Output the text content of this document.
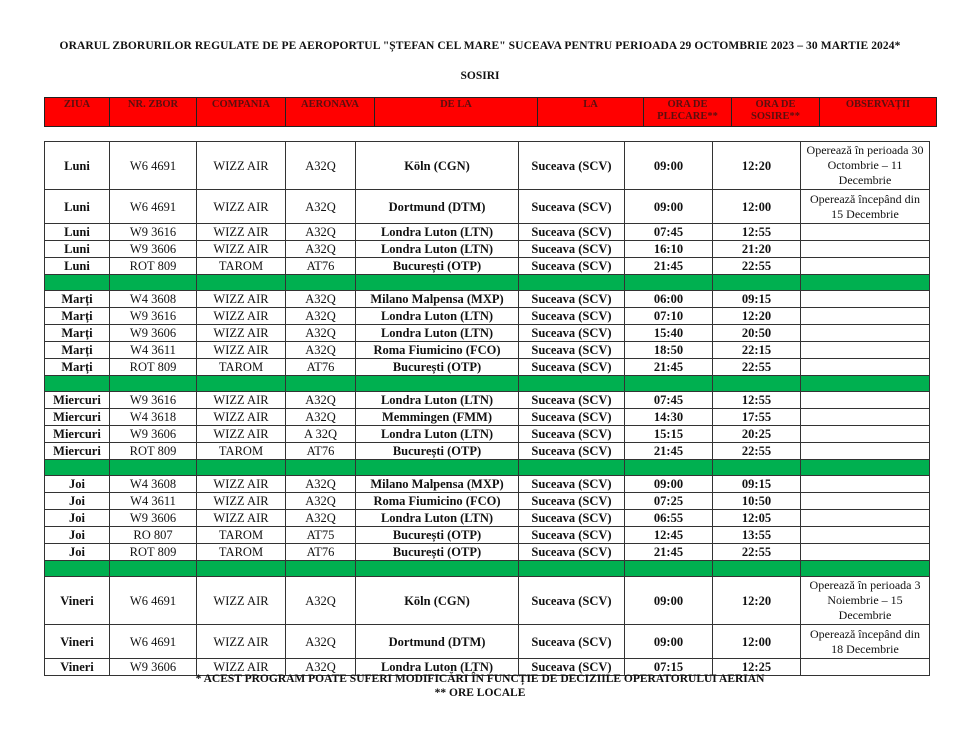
ORARUL ZBORURILOR REGULATE DE PE AEROPORTUL "ȘTEFAN CEL MARE" SUCEAVA PENTRU PERIOADA 29 OCTOMBRIE 2023 – 30 MARTIE 2024*
SOSIRI
ZIUA	NR. ZBOR	COMPANIA	AERONAVA	DE LA	LA	ORA DE PLECARE**	ORA DE SOSIRE**	OBSERVAȚII
Luni	W6 4691	WIZZ AIR	A32Q	Köln (CGN)	Suceava (SCV)	09:00	12:20	Operează în perioada 30 Octombrie – 11 Decembrie
Luni	W6 4691	WIZZ AIR	A32Q	Dortmund (DTM)	Suceava (SCV)	09:00	12:00	Operează începând din 15 Decembrie
Luni	W9 3616	WIZZ AIR	A32Q	Londra Luton (LTN)	Suceava (SCV)	07:45	12:55	
Luni	W9 3606	WIZZ AIR	A32Q	Londra Luton (LTN)	Suceava (SCV)	16:10	21:20	
Luni	ROT 809	TAROM	AT76	București (OTP)	Suceava (SCV)	21:45	22:55	

Marți	W4 3608	WIZZ AIR	A32Q	Milano Malpensa (MXP)	Suceava (SCV)	06:00	09:15	
Marți	W9 3616	WIZZ AIR	A32Q	Londra Luton (LTN)	Suceava (SCV)	07:10	12:20	
Marți	W9 3606	WIZZ AIR	A32Q	Londra Luton (LTN)	Suceava (SCV)	15:40	20:50	
Marți	W4 3611	WIZZ AIR	A32Q	Roma Fiumicino (FCO)	Suceava (SCV)	18:50	22:15	
Marți	ROT 809	TAROM	AT76	București (OTP)	Suceava (SCV)	21:45	22:55	

Miercuri	W9 3616	WIZZ AIR	A32Q	Londra Luton (LTN)	Suceava (SCV)	07:45	12:55	
Miercuri	W4 3618	WIZZ AIR	A32Q	Memmingen (FMM)	Suceava (SCV)	14:30	17:55	
Miercuri	W9 3606	WIZZ AIR	A 32Q	Londra Luton (LTN)	Suceava (SCV)	15:15	20:25	
Miercuri	ROT 809	TAROM	AT76	București (OTP)	Suceava (SCV)	21:45	22:55	

Joi	W4 3608	WIZZ AIR	A32Q	Milano Malpensa (MXP)	Suceava (SCV)	09:00	09:15	
Joi	W4 3611	WIZZ AIR	A32Q	Roma Fiumicino (FCO)	Suceava (SCV)	07:25	10:50	
Joi	W9 3606	WIZZ AIR	A32Q	Londra Luton (LTN)	Suceava (SCV)	06:55	12:05	
Joi	RO 807	TAROM	AT75	București (OTP)	Suceava (SCV)	12:45	13:55	
Joi	ROT 809	TAROM	AT76	București (OTP)	Suceava (SCV)	21:45	22:55	

Vineri	W6 4691	WIZZ AIR	A32Q	Köln (CGN)	Suceava (SCV)	09:00	12:20	Operează în perioada 3 Noiembrie – 15 Decembrie
Vineri	W6 4691	WIZZ AIR	A32Q	Dortmund (DTM)	Suceava (SCV)	09:00	12:00	Operează începând din 18 Decembrie
Vineri	W9 3606	WIZZ AIR	A32Q	Londra Luton (LTN)	Suceava (SCV)	07:15	12:25	
* ACEST PROGRAM POATE SUFERI MODIFICĂRI ÎN FUNCȚIE DE DECIZIILE OPERATORULUI AERIAN
** ORE LOCALE
